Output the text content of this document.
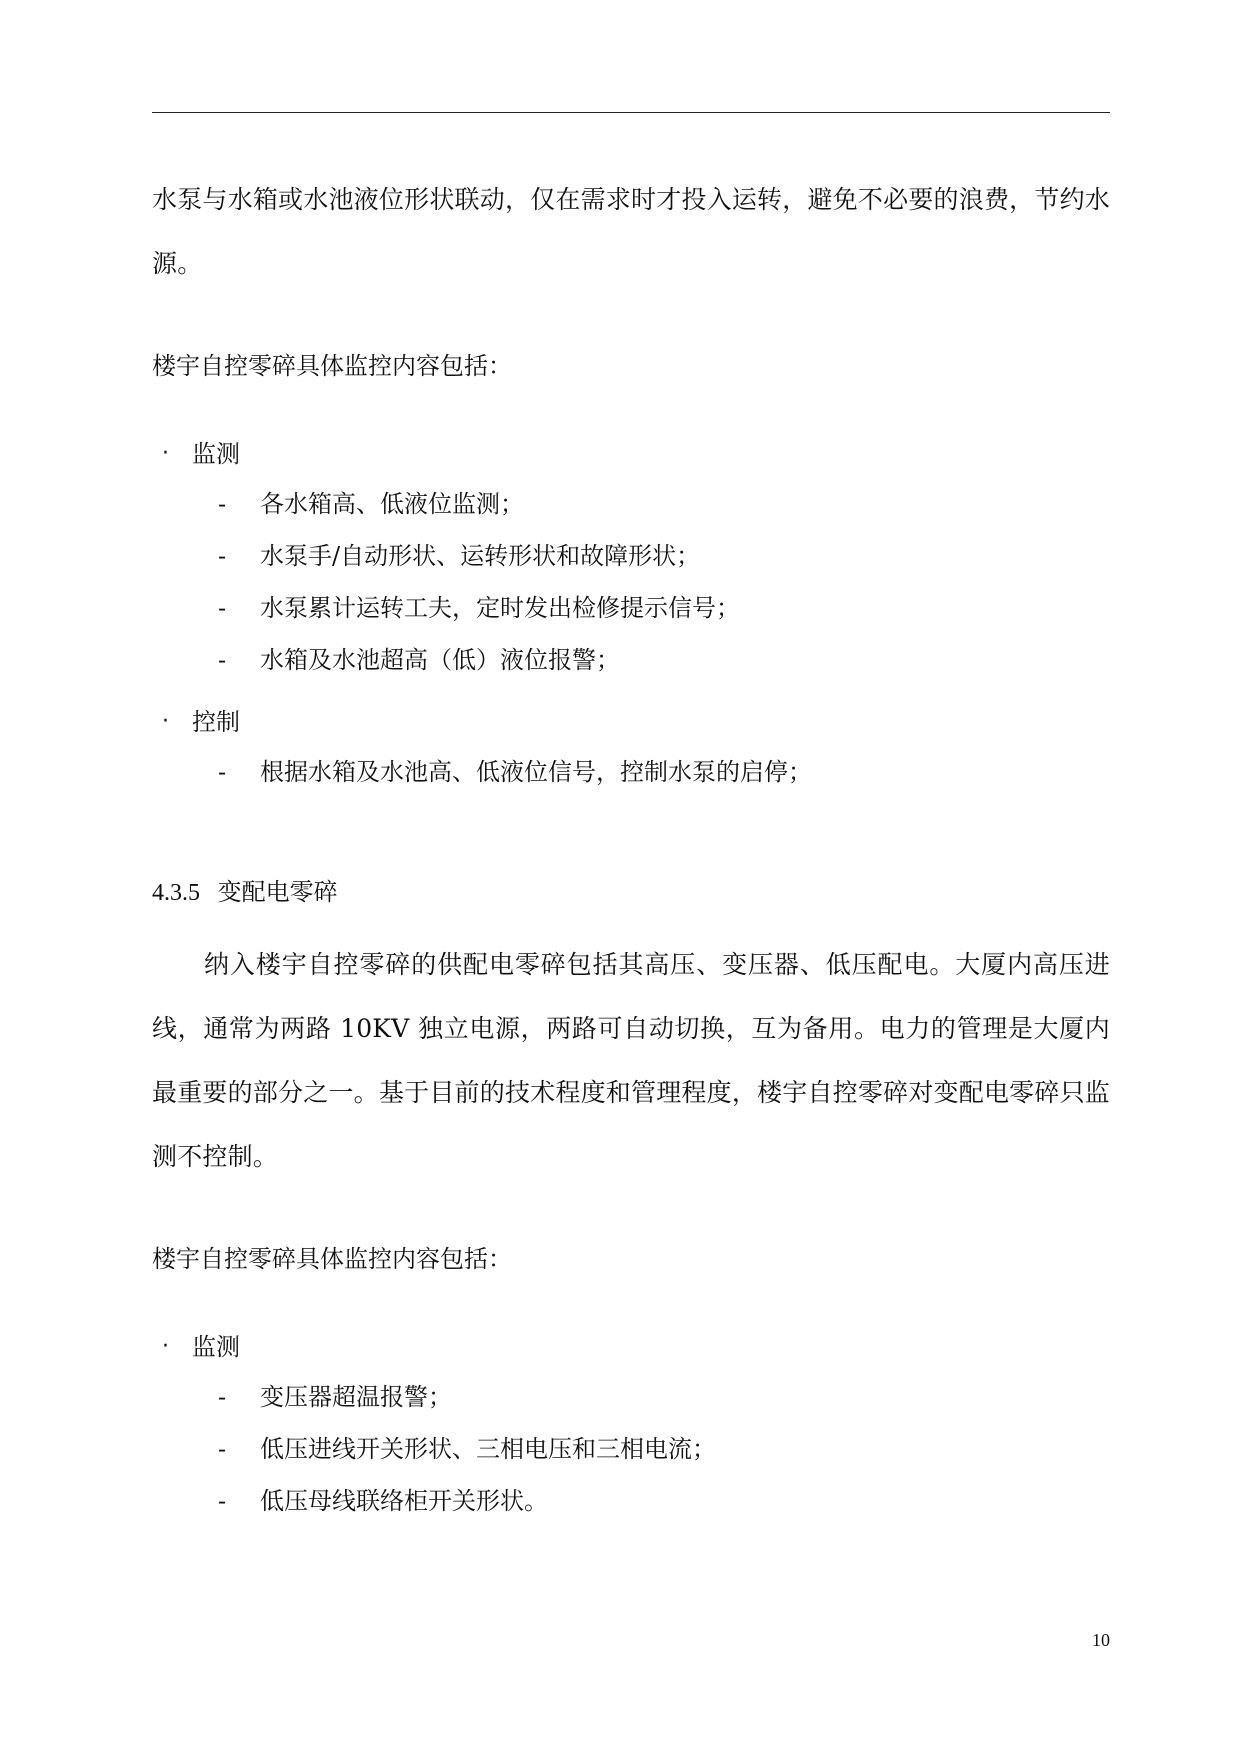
水泵与水箱或水池液位形状联动，仅在需求时才投入运转，避免不必要的浪费，节约水源。

楼宇自控零碎具体监控内容包括：

· 监测
- 各水箱高、低液位监测；
- 水泵手/自动形状、运转形状和故障形状；
- 水泵累计运转工夫，定时发出检修提示信号；
- 水箱及水池超高（低）液位报警；
· 控制
- 根据水箱及水池高、低液位信号，控制水泵的启停；
4.3.5 变配电零碎

纳入楼宇自控零碎的供配电零碎包括其高压、变压器、低压配电。大厦内高压进线，通常为两路 10KV 独立电源，两路可自动切换，互为备用。电力的管理是大厦内最重要的部分之一。基于目前的技术程度和管理程度，楼宇自控零碎对变配电零碎只监测不控制。

楼宇自控零碎具体监控内容包括：

· 监测
- 变压器超温报警；
- 低压进线开关形状、三相电压和三相电流；
- 低压母线联络柜开关形状。
10
